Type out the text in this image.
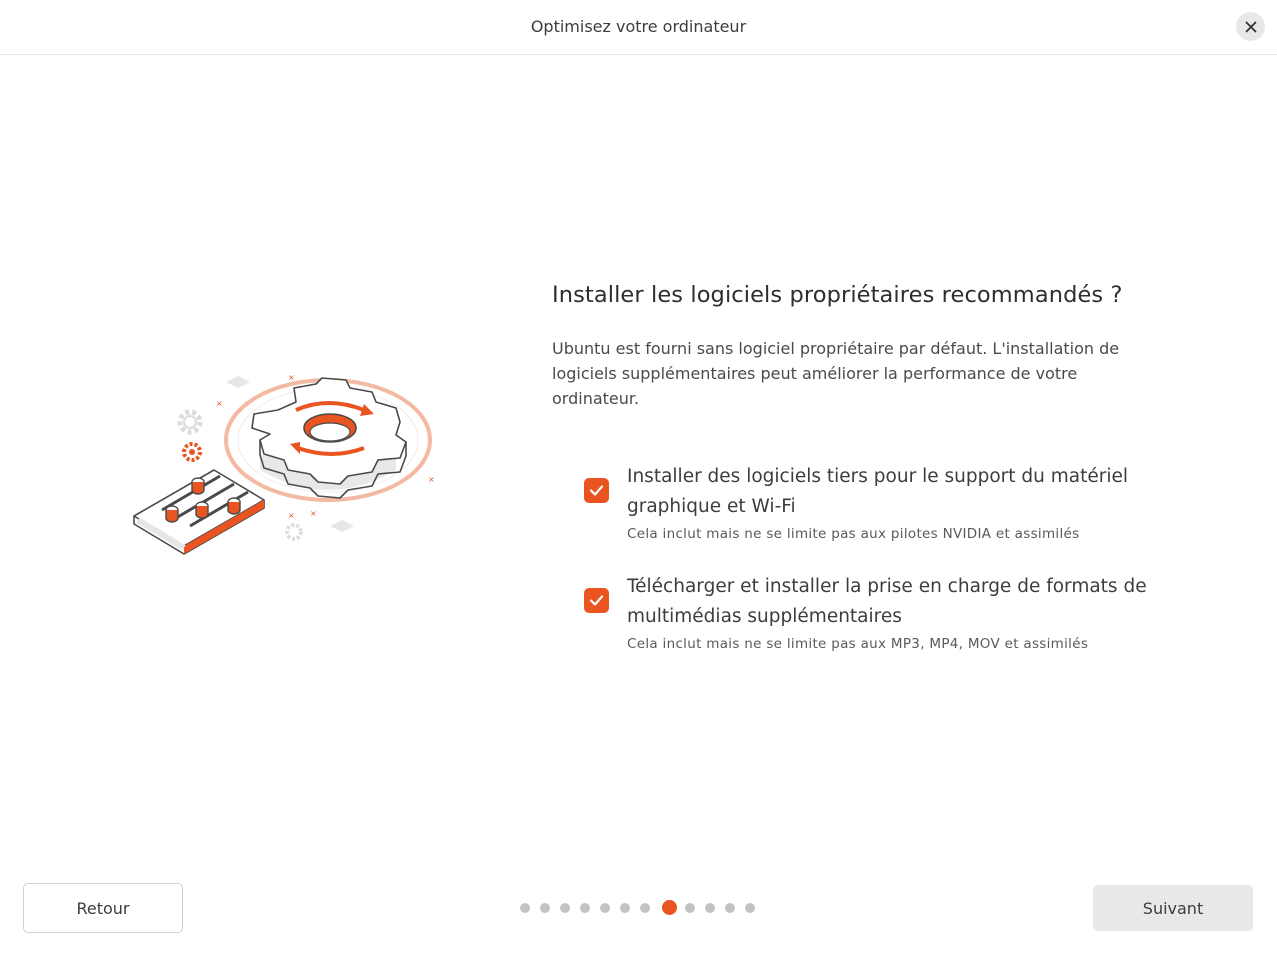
Optimisez votre ordinateur
×
×
×
× ×
Installer les logiciels propriétaires recommandés ?

Ubuntu est fourni sans logiciel propriétaire par défaut. L'installation de logiciels supplémentaires peut améliorer la performance de votre ordinateur.

Installer des logiciels tiers pour le support du matériel graphique et Wi-Fi
Cela inclut mais ne se limite pas aux pilotes NVIDIA et assimilés
Télécharger et installer la prise en charge de formats de multimédias supplémentaires
Cela inclut mais ne se limite pas aux MP3, MP4, MOV et assimilés
Retour	Suivant
